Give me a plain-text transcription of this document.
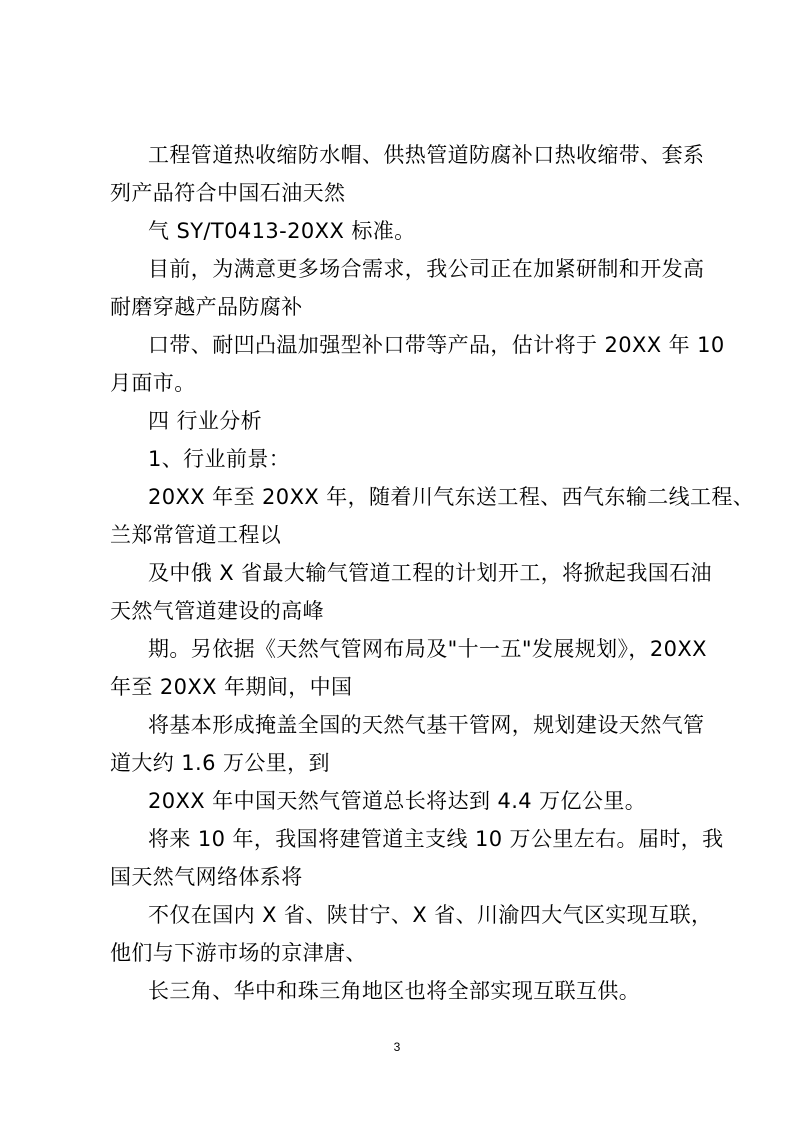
工程管道热收缩防水帽、供热管道防腐补口热收缩带、套系
列产品符合中国石油天然
气 SY/T0413-20XX 标准。
目前，为满意更多场合需求，我公司正在加紧研制和开发高
耐磨穿越产品防腐补
口带、耐凹凸温加强型补口带等产品，估计将于 20XX 年 10
月面市。
四 行业分析
1、行业前景：
20XX 年至 20XX 年，随着川气东送工程、西气东输二线工程、
兰郑常管道工程以
及中俄 X 省最大输气管道工程的计划开工，将掀起我国石油
天然气管道建设的高峰
期。另依据《天然气管网布局及"十一五"发展规划》，20XX
年至 20XX 年期间，中国
将基本形成掩盖全国的天然气基干管网，规划建设天然气管
道大约 1.6 万公里，到
20XX 年中国天然气管道总长将达到 4.4 万亿公里。
将来 10 年，我国将建管道主支线 10 万公里左右。届时，我
国天然气网络体系将
不仅在国内 X 省、陕甘宁、X 省、川渝四大气区实现互联，
他们与下游市场的京津唐、
长三角、华中和珠三角地区也将全部实现互联互供。
3
